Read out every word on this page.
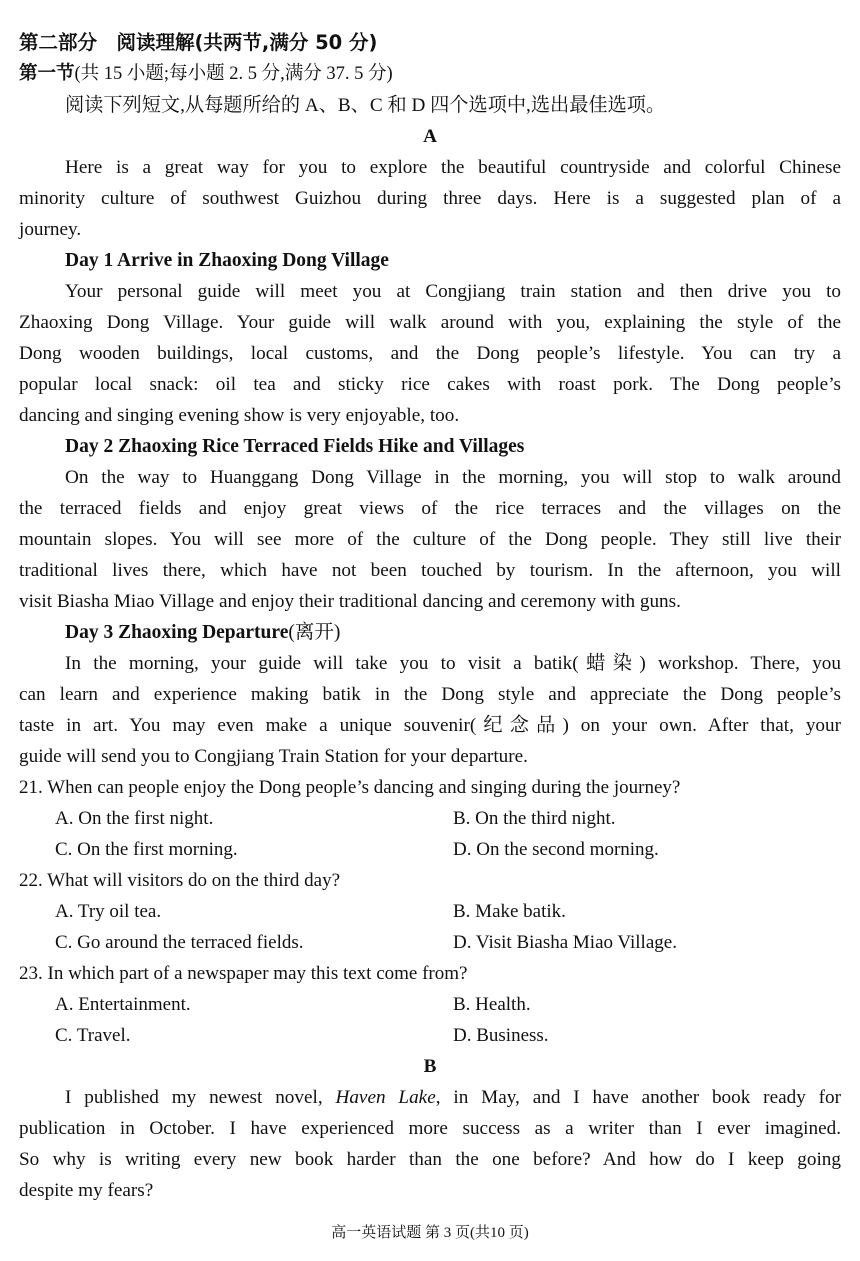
第二部分　阅读理解(共两节,满分 50 分)
第一节(共 15 小题;每小题 2. 5 分,满分 37. 5 分)
阅读下列短文,从每题所给的 A、B、C 和 D 四个选项中,选出最佳选项。
A
Here is a great way for you to explore the beautiful countryside and colorful Chinese
minority culture of southwest Guizhou during three days. Here is a suggested plan of a
journey.
Day 1 Arrive in Zhaoxing Dong Village
Your personal guide will meet you at Congjiang train station and then drive you to
Zhaoxing Dong Village. Your guide will walk around with you, explaining the style of the
Dong wooden buildings, local customs, and the Dong people’s lifestyle. You can try a
popular local snack: oil tea and sticky rice cakes with roast pork. The Dong people’s
dancing and singing evening show is very enjoyable, too.
Day 2 Zhaoxing Rice Terraced Fields Hike and Villages
On the way to Huanggang Dong Village in the morning, you will stop to walk around
the terraced fields and enjoy great views of the rice terraces and the villages on the
mountain slopes. You will see more of the culture of the Dong people. They still live their
traditional lives there, which have not been touched by tourism. In the afternoon, you will
visit Biasha Miao Village and enjoy their traditional dancing and ceremony with guns.
Day 3 Zhaoxing Departure(离开)
In the morning, your guide will take you to visit a batik(蜡染) workshop. There, you
can learn and experience making batik in the Dong style and appreciate the Dong people’s
taste in art. You may even make a unique souvenir(纪念品) on your own. After that, your
guide will send you to Congjiang Train Station for your departure.
21. When can people enjoy the Dong people’s dancing and singing during the journey?
A. On the first night.	B. On the third night.
C. On the first morning.	D. On the second morning.
22. What will visitors do on the third day?
A. Try oil tea.	B. Make batik.
C. Go around the terraced fields.	D. Visit Biasha Miao Village.
23. In which part of a newspaper may this text come from?
A. Entertainment.	B. Health.
C. Travel.	D. Business.
B
I published my newest novel, Haven Lake, in May, and I have another book ready for
publication in October. I have experienced more success as a writer than I ever imagined.
So why is writing every new book harder than the one before? And how do I keep going
despite my fears?
高一英语试题 第 3 页(共10 页)
